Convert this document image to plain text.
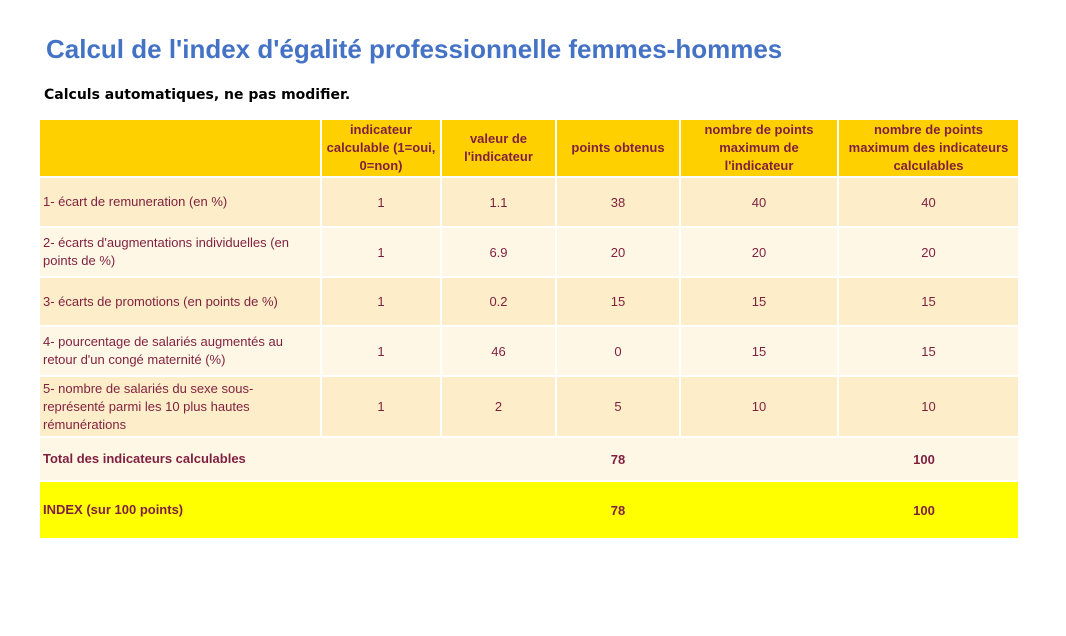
Calcul de l'index d'égalité professionnelle femmes-hommes
Calculs automatiques, ne pas modifier.
	indicateur calculable (1=oui, 0=non)	valeur de l'indicateur	points obtenus	nombre de points maximum de l'indicateur	nombre de points maximum des indicateurs calculables
1- écart de remuneration (en %)	1	1.1	38	40	40
2- écarts d'augmentations individuelles (en points de %)	1	6.9	20	20	20
3- écarts de promotions (en points de %)	1	0.2	15	15	15
4- pourcentage de salariés augmentés au retour d'un congé maternité (%)	1	46	0	15	15
5- nombre de salariés du sexe sous-représenté parmi les 10 plus hautes rémunérations	1	2	5	10	10
Total des indicateurs calculables			78		100
INDEX (sur 100 points)			78		100
